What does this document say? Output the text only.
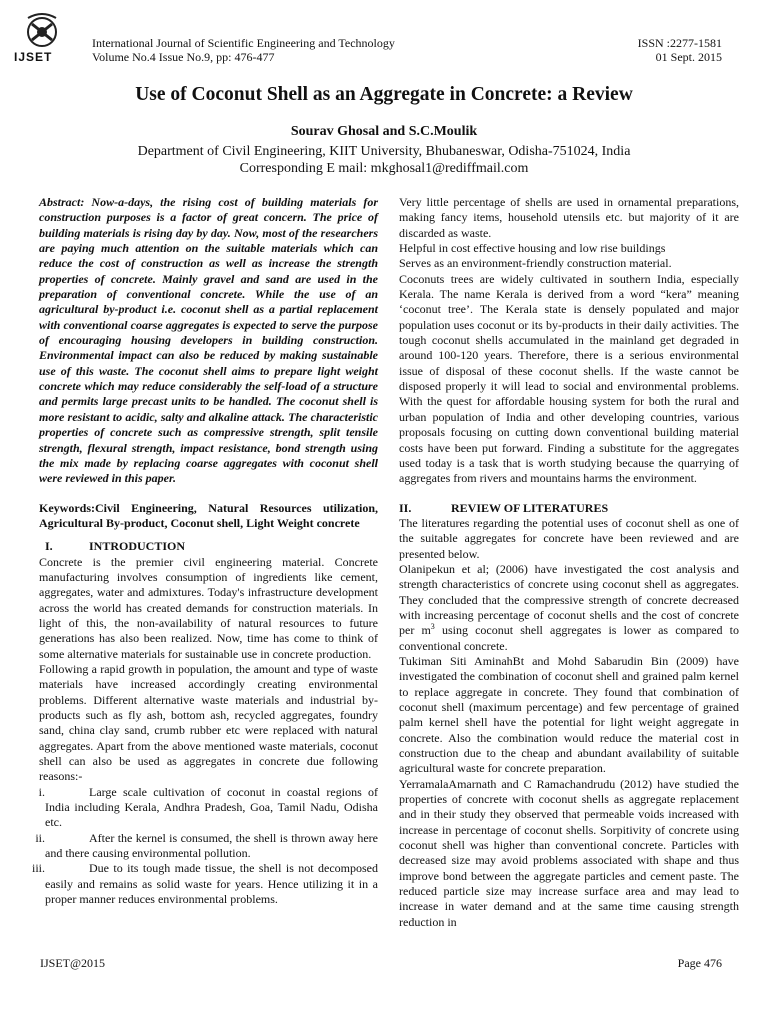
IJSET
International Journal of Scientific Engineering and Technology
Volume No.4 Issue No.9, pp: 476-477
ISSN :2277-1581
01 Sept. 2015
Use of Coconut Shell as an Aggregate in Concrete: a Review
Sourav Ghosal and S.C.Moulik
Department of Civil Engineering, KIIT University, Bhubaneswar, Odisha-751024, India
Corresponding E mail: mkghosal1@rediffmail.com

Abstract: Now-a-days, the rising cost of building materials for construction purposes is a factor of great concern. The price of building materials is rising day by day. Now, most of the researchers are paying much attention on the suitable materials which can reduce the cost of construction as well as increase the strength properties of concrete. Mainly gravel and sand are used in the preparation of conventional concrete. While the use of an agricultural by-product i.e. coconut shell as a partial replacement with conventional coarse aggregates is expected to serve the purpose of encouraging housing developers in building construction. Environmental impact can also be reduced by making sustainable use of this waste. The coconut shell aims to prepare light weight concrete which may reduce considerably the self-load of a structure and permits large precast units to be handled. The coconut shell is more resistant to acidic, salty and alkaline attack. The characteristic properties of concrete such as compressive strength, split tensile strength, flexural strength, impact resistance, bond strength using the mix made by replacing coarse aggregates with coconut shell were reviewed in this paper.

Keywords:Civil Engineering, Natural Resources utilization, Agricultural By-product, Coconut shell, Light Weight concrete

I.	INTRODUCTION

Concrete is the premier civil engineering material. Concrete manufacturing involves consumption of ingredients like cement, aggregates, water and admixtures. Today's infrastructure development across the world has created demands for construction materials. In light of this, the non-availability of natural resources to future generations has also been realized. Now, time has come to think of some alternative materials for sustainable use in concrete production.

Following a rapid growth in population, the amount and type of waste materials have increased accordingly creating environmental problems. Different alternative waste materials and industrial by-products such as fly ash, bottom ash, recycled aggregates, foundry sand, china clay sand, crumb rubber etc were replaced with natural aggregates. Apart from the above mentioned waste materials, coconut shell can also be used as aggregates in concrete due following reasons:-

i.	Large scale cultivation of coconut in coastal regions of India including Kerala, Andhra Pradesh, Goa, Tamil Nadu, Odisha etc.

ii.	After the kernel is consumed, the shell is thrown away here and there causing environmental pollution.

iii.	Due to its tough made tissue, the shell is not decomposed easily and remains as solid waste for years. Hence utilizing it in a proper manner reduces environmental problems.

Very little percentage of shells are used in ornamental preparations, making fancy items, household utensils etc. but majority of it are discarded as waste.

Helpful in cost effective housing and low rise buildings

Serves as an environment-friendly construction material.

Coconuts trees are widely cultivated in southern India, especially Kerala. The name Kerala is derived from a word “kera” meaning ‘coconut tree’. The Kerala state is densely populated and major population uses coconut or its by-products in their daily activities. The tough coconut shells accumulated in the mainland get degraded in around 100-120 years. Therefore, there is a serious environmental issue of disposal of these coconut shells. If the waste cannot be disposed properly it will lead to social and environmental problems. With the quest for affordable housing system for both the rural and urban population of India and other developing countries, various proposals focusing on cutting down conventional building material costs have been put forward. Finding a substitute for the aggregates used today is a task that is worth studying because the quarrying of aggregates from rivers and mountains harms the environment.

II.	REVIEW OF LITERATURES

The literatures regarding the potential uses of coconut shell as one of the suitable aggregates for concrete have been reviewed and are presented below.

Olanipekun et al; (2006) have investigated the cost analysis and strength characteristics of concrete using coconut shell as aggregates. They concluded that the compressive strength of concrete decreased with increasing percentage of coconut shells and the cost of concrete per $m^3$ using coconut shell aggregates is lower as compared to conventional concrete.

Tukiman Siti AminahBt and Mohd Sabarudin Bin (2009) have investigated the combination of coconut shell and grained palm kernel to replace aggregate in concrete. They found that combination of coconut shell (maximum percentage) and few percentage of grained palm kernel shell have the potential for light weight aggregate in concrete. Also the combination would reduce the material cost in construction due to the cheap and abundant availability of suitable agricultural waste for concrete preparation.

YerramalaAmarnath and C Ramachandrudu (2012) have studied the properties of concrete with coconut shells as aggregate replacement and in their study they observed that permeable voids increased with increase in percentage of coconut shells. Sorpitivity of concrete using coconut shell was higher than conventional concrete. Particles with decreased size may avoid problems associated with shape and thus improve bond between the aggregate particles and cement paste. The reduced particle size may increase surface area and may lead to increase in water demand and at the same time causing strength reduction in

IJSET@2015	Page 476
